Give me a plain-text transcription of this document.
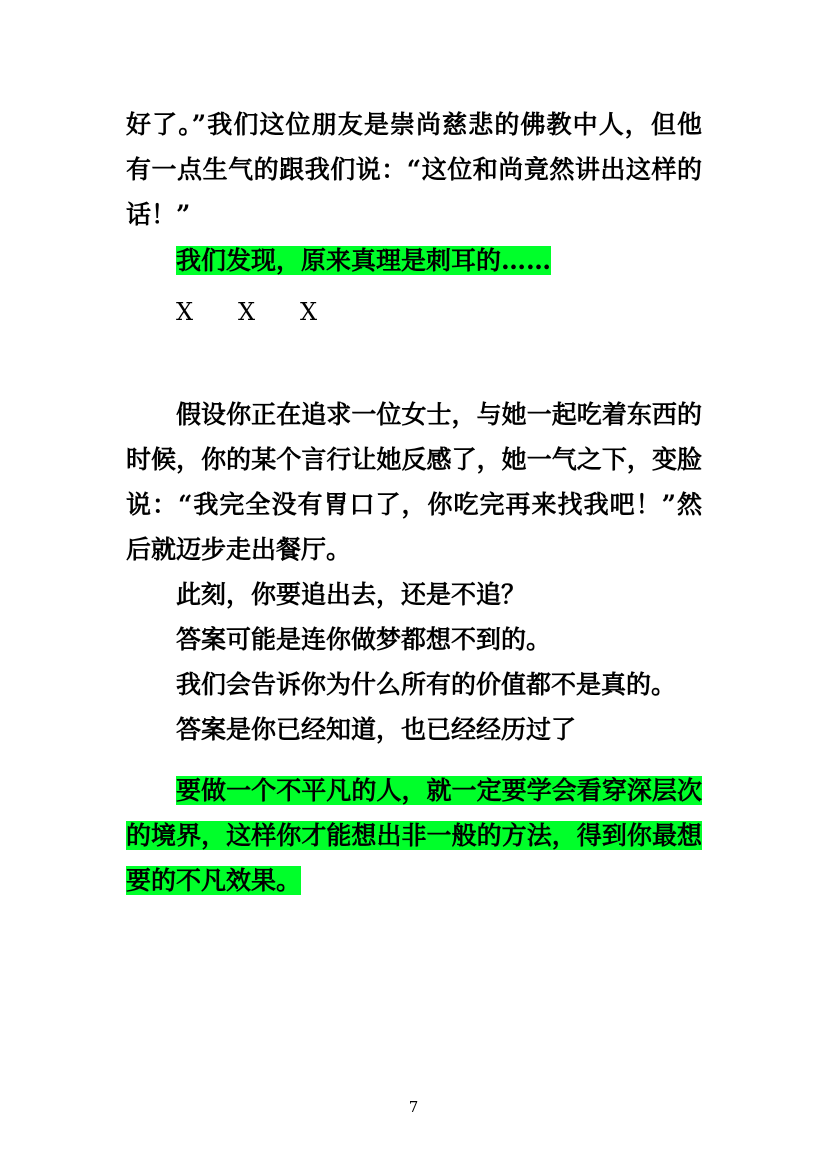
好了。”我们这位朋友是崇尚慈悲的佛教中人，但他有一点生气的跟我们说：“这位和尚竟然讲出这样的话！”

我们发现，原来真理是刺耳的……

X X X

假设你正在追求一位女士，与她一起吃着东西的时候，你的某个言行让她反感了，她一气之下，变脸说：“我完全没有胃口了，你吃完再来找我吧！”然后就迈步走出餐厅。

此刻，你要追出去，还是不追？

答案可能是连你做梦都想不到的。

我们会告诉你为什么所有的价值都不是真的。

答案是你已经知道，也已经经历过了

要做一个不平凡的人，就一定要学会看穿深层次的境界，这样你才能想出非一般的方法，得到你最想要的不凡效果。

7
